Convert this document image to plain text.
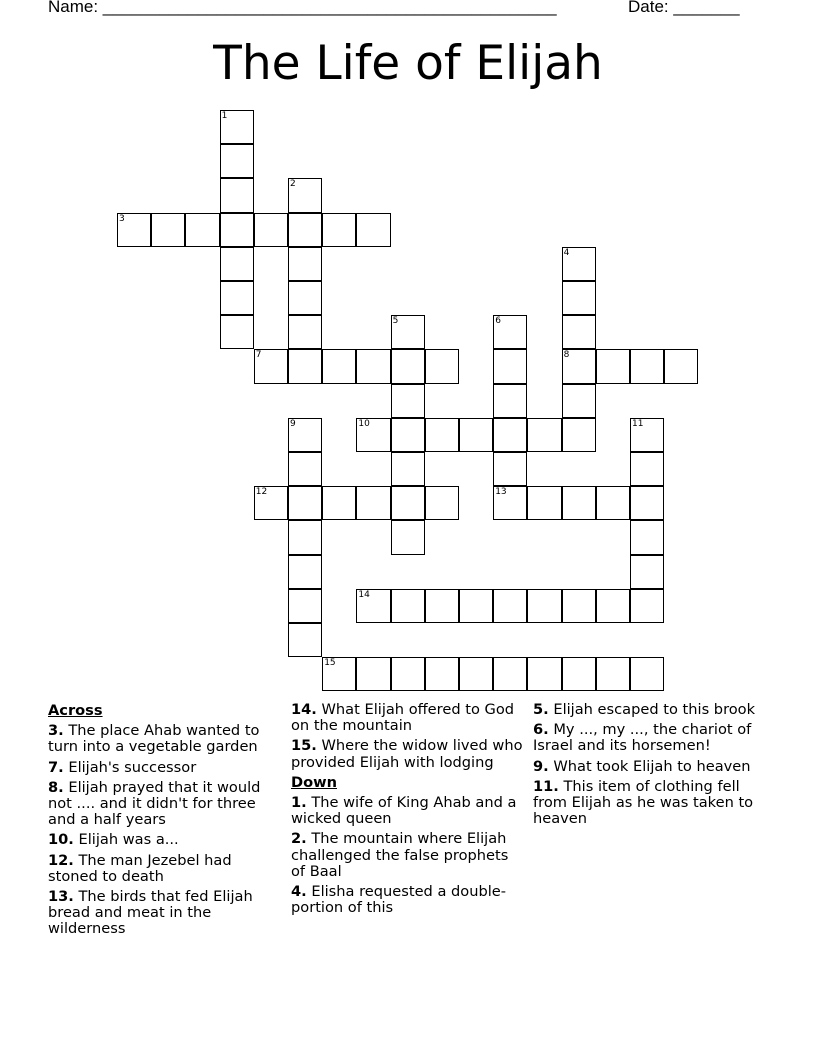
Name: ________________________________________________	Date: _______
The Life of Elijah
1
2
3
4
5	6
7	8
9	10	11
12	13
14
15
Across
3. The place Ahab wanted to turn into a vegetable garden
7. Elijah's successor
8. Elijah prayed that it would not .... and it didn't for three and a half years
10. Elijah was a...
12. The man Jezebel had stoned to death
13. The birds that fed Elijah bread and meat in the wilderness
14. What Elijah offered to God on the mountain
15. Where the widow lived who provided Elijah with lodging
Down
1. The wife of King Ahab and a wicked queen
2. The mountain where Elijah challenged the false prophets of Baal
4. Elisha requested a double-portion of this
5. Elijah escaped to this brook
6. My ..., my ..., the chariot of Israel and its horsemen!
9. What took Elijah to heaven
11. This item of clothing fell from Elijah as he was taken to heaven
